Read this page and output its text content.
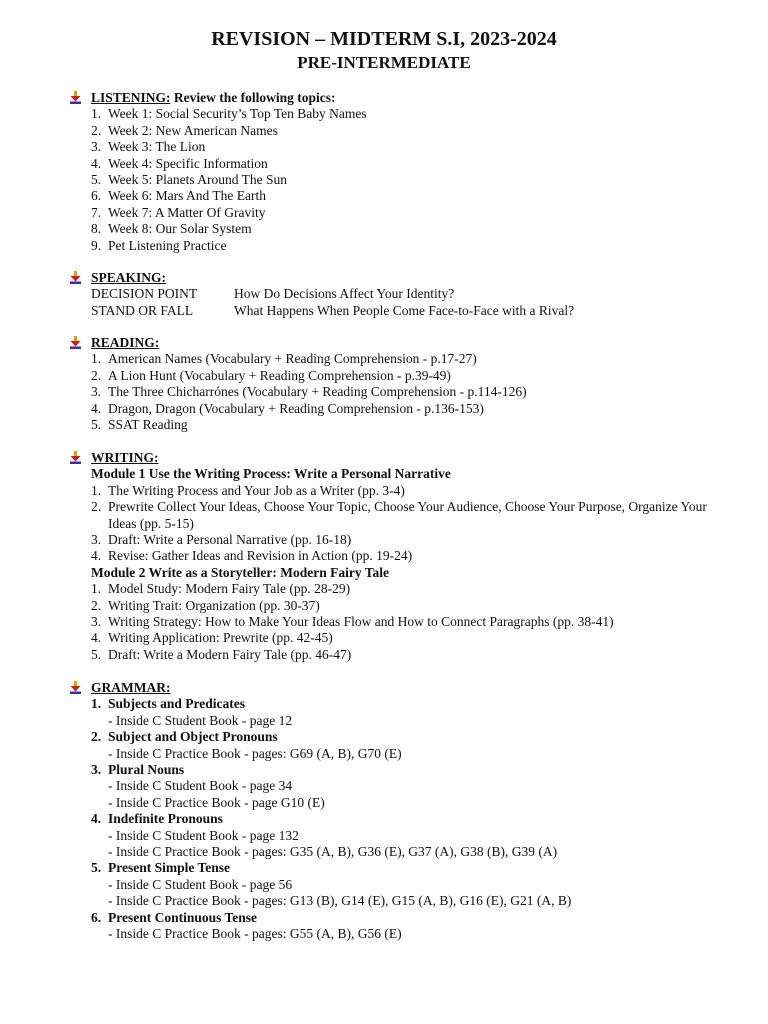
REVISION – MIDTERM S.I, 2023-2024
PRE-INTERMEDIATE
LISTENING: Review the following topics:
1. Week 1: Social Security’s Top Ten Baby Names
2. Week 2: New American Names
3. Week 3: The Lion
4. Week 4: Specific Information
5. Week 5: Planets Around The Sun
6. Week 6: Mars And The Earth
7. Week 7: A Matter Of Gravity
8. Week 8: Our Solar System
9. Pet Listening Practice
SPEAKING:
DECISION POINT	How Do Decisions Affect Your Identity?
STAND OR FALL	What Happens When People Come Face-to-Face with a Rival?
READING:
1. American Names (Vocabulary + Reading Comprehension - p.17-27)
2. A Lion Hunt (Vocabulary + Reading Comprehension - p.39-49)
3. The Three Chicharrónes (Vocabulary + Reading Comprehension - p.114-126)
4. Dragon, Dragon (Vocabulary + Reading Comprehension - p.136-153)
5. SSAT Reading
WRITING:
Module 1 Use the Writing Process: Write a Personal Narrative
1. The Writing Process and Your Job as a Writer (pp. 3-4)
2. Prewrite Collect Your Ideas, Choose Your Topic, Choose Your Audience, Choose Your Purpose, Organize Your Ideas (pp. 5-15)
3. Draft: Write a Personal Narrative (pp. 16-18)
4. Revise: Gather Ideas and Revision in Action (pp. 19-24)
Module 2 Write as a Storyteller: Modern Fairy Tale
1. Model Study: Modern Fairy Tale (pp. 28-29)
2. Writing Trait: Organization (pp. 30-37)
3. Writing Strategy: How to Make Your Ideas Flow and How to Connect Paragraphs (pp. 38-41)
4. Writing Application: Prewrite (pp. 42-45)
5. Draft: Write a Modern Fairy Tale (pp. 46-47)
GRAMMAR:
1. Subjects and Predicates
- Inside C Student Book - page 12
2. Subject and Object Pronouns
- Inside C Practice Book - pages: G69 (A, B), G70 (E)
3. Plural Nouns
- Inside C Student Book - page 34
- Inside C Practice Book - page G10 (E)
4. Indefinite Pronouns
- Inside C Student Book - page 132
- Inside C Practice Book - pages: G35 (A, B), G36 (E), G37 (A), G38 (B), G39 (A)
5. Present Simple Tense
- Inside C Student Book - page 56
- Inside C Practice Book - pages: G13 (B), G14 (E), G15 (A, B), G16 (E), G21 (A, B)
6. Present Continuous Tense
- Inside C Practice Book - pages: G55 (A, B), G56 (E)
